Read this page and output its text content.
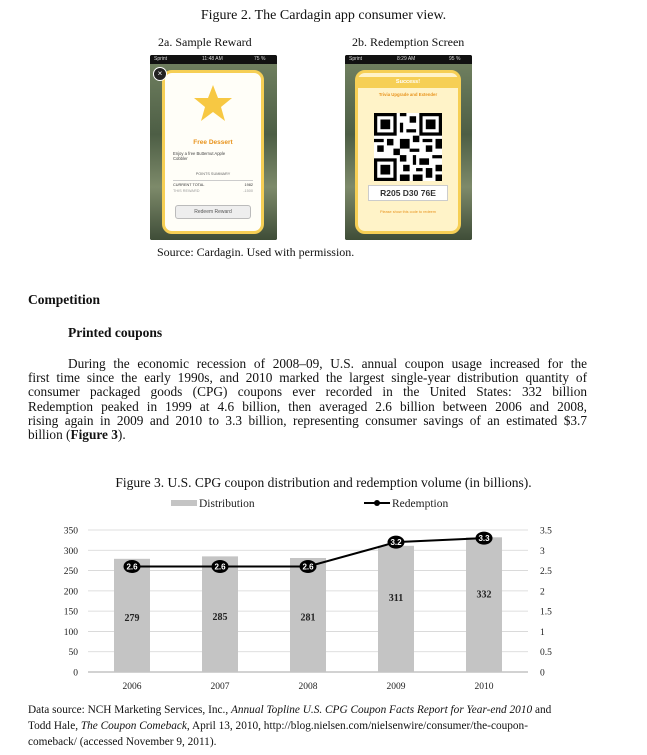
Figure 2. The Cardagin app consumer view.
2a. Sample Reward	2b. Redemption Screen
Sprint	11:48 AM	75 %
Free Dessert
Enjoy a free Butternut Apple Cobbler
POINTS SUMMARY
CURRENT TOTAL	1982
THIS REWARD	-1500
Redeem Reward
×
Sprint	8:29 AM	95 %
Success!
Trivia Upgrade and Extender
R205 D30 76E
Please show this code to redeem
Source: Cardagin. Used with permission.
Competition
Printed coupons
During the economic recession of 2008–09, U.S. annual coupon usage increased for the
first time since the early 1990s, and 2010 marked the largest single-year distribution quantity of
consumer packaged goods (CPG) coupons ever recorded in the United States: 332 billion
Redemption peaked in 1999 at 4.6 billion, then averaged 2.6 billion between 2006 and 2008,
rising again in 2009 and 2010 to 3.3 billion, representing consumer savings of an estimated $3.7
billion (Figure 3).
Figure 3. U.S. CPG coupon distribution and redemption volume (in billions).
Distribution	Redemption
279	285	281
311	332
2.6	2.6	2.6
3.2	3.3
0
50
100
150
200
250
300
350
0
0.5
1
1.5
2
2.5
3
3.5
2006	2007	2008	2009	2010
Data source: NCH Marketing Services, Inc., Annual Topline U.S. CPG Coupon Facts Report for Year-end 2010 and
Todd Hale, The Coupon Comeback, April 13, 2010, http://blog.nielsen.com/nielsenwire/consumer/the-coupon-
comeback/ (accessed November 9, 2011).
